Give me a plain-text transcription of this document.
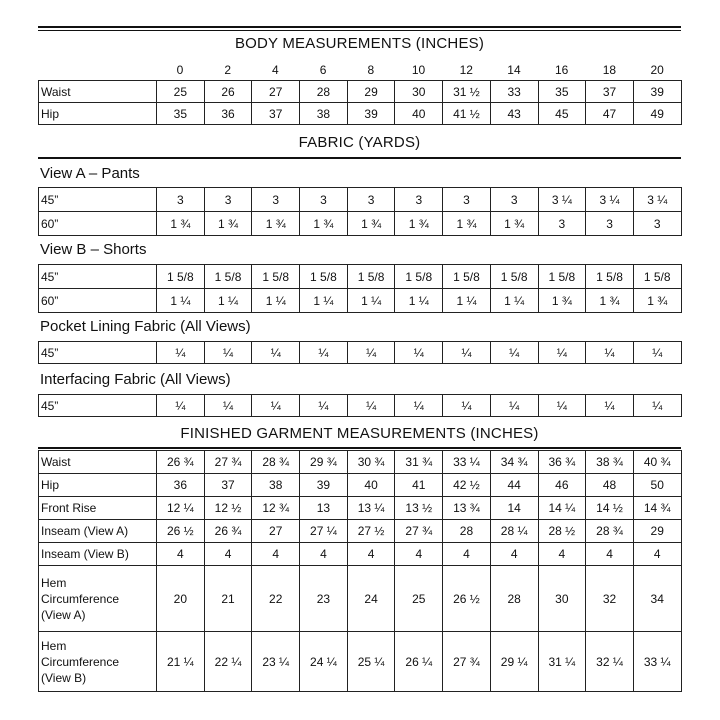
BODY MEASUREMENTS (INCHES)
	0	2	4	6	8	10	12	14	16	18	20
Waist	25	26	27	28	29	30	31 ½	33	35	37	39
Hip	35	36	37	38	39	40	41 ½	43	45	47	49
FABRIC (YARDS)
View A – Pants
45”	3	3	3	3	3	3	3	3	3 ¼	3 ¼	3 ¼
60”	1 ¾	1 ¾	1 ¾	1 ¾	1 ¾	1 ¾	1 ¾	1 ¾	3	3	3
View B – Shorts
45”	1 5/8	1 5/8	1 5/8	1 5/8	1 5/8	1 5/8	1 5/8	1 5/8	1 5/8	1 5/8	1 5/8
60”	1 ¼	1 ¼	1 ¼	1 ¼	1 ¼	1 ¼	1 ¼	1 ¼	1 ¾	1 ¾	1 ¾
Pocket Lining Fabric (All Views)
45”	¼	¼	¼	¼	¼	¼	¼	¼	¼	¼	¼
Interfacing Fabric (All Views)
45”	¼	¼	¼	¼	¼	¼	¼	¼	¼	¼	¼
FINISHED GARMENT MEASUREMENTS (INCHES)
Waist	26 ¾	27 ¾	28 ¾	29 ¾	30 ¾	31 ¾	33 ¼	34 ¾	36 ¾	38 ¾	40 ¾
Hip	36	37	38	39	40	41	42 ½	44	46	48	50
Front Rise	12 ¼	12 ½	12 ¾	13	13 ¼	13 ½	13 ¾	14	14 ¼	14 ½	14 ¾
Inseam (View A)	26 ½	26 ¾	27	27 ¼	27 ½	27 ¾	28	28 ¼	28 ½	28 ¾	29
Inseam (View B)	4	4	4	4	4	4	4	4	4	4	4
Hem
Circumference
(View A)	20	21	22	23	24	25	26 ½	28	30	32	34
Hem
Circumference
(View B)	21 ¼	22 ¼	23 ¼	24 ¼	25 ¼	26 ¼	27 ¾	29 ¼	31 ¼	32 ¼	33 ¼
